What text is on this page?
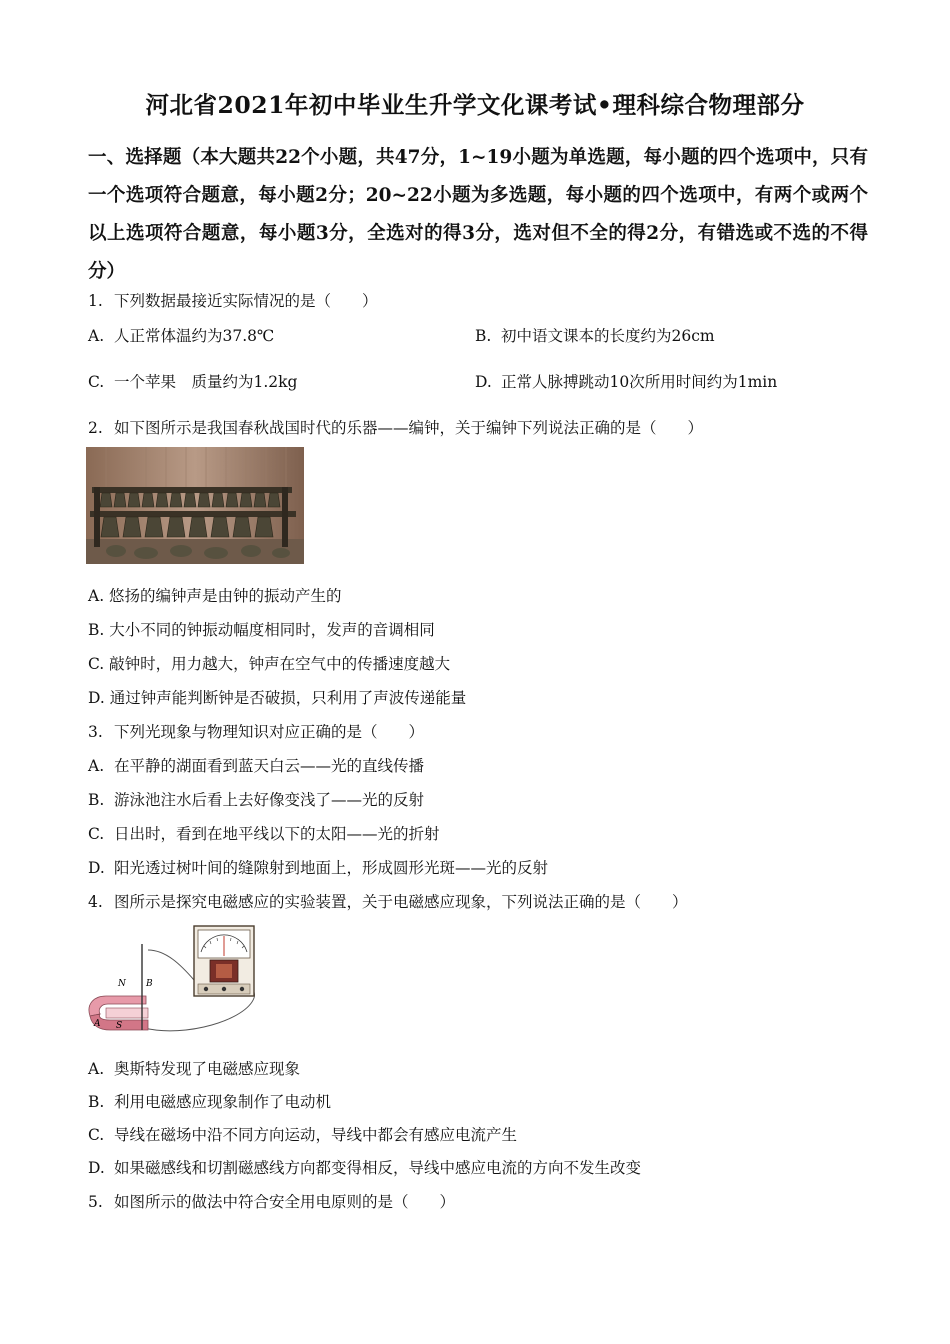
河北省2021年初中毕业生升学文化课考试•理科综合物理部分
一、选择题（本大题共22个小题，共47分，1~19小题为单选题，每小题的四个选项中，只有一个选项符合题意，每小题2分；20~22小题为多选题，每小题的四个选项中，有两个或两个以上选项符合题意，每小题3分，全选对的得3分，选对但不全的得2分，有错选或不选的不得分）
1. 下列数据最接近实际情况的是（　　）
A. 人正常体温约为37.8℃	B. 初中语文课本的长度约为26cm
C. 一个苹果　质量约为1.2kg	D. 正常人脉搏跳动10次所用时间约为1min
2. 如下图所示是我国春秋战国时代的乐器——编钟，关于编钟下列说法正确的是（　　）
A. 悠扬的编钟声是由钟的振动产生的
B. 大小不同的钟振动幅度相同时，发声的音调相同
C. 敲钟时，用力越大，钟声在空气中的传播速度越大
D. 通过钟声能判断钟是否破损，只利用了声波传递能量
3. 下列光现象与物理知识对应正确的是（　　）
A. 在平静的湖面看到蓝天白云——光的直线传播
B. 游泳池注水后看上去好像变浅了——光的反射
C. 日出时，看到在地平线以下的太阳——光的折射
D. 阳光透过树叶间的缝隙射到地面上，形成圆形光斑——光的反射
4. 图所示是探究电磁感应的实验装置，关于电磁感应现象，下列说法正确的是（　　）
N B
A S
A. 奥斯特发现了电磁感应现象
B. 利用电磁感应现象制作了电动机
C. 导线在磁场中沿不同方向运动，导线中都会有感应电流产生
D. 如果磁感线和切割磁感线方向都变得相反，导线中感应电流的方向不发生改变
5. 如图所示的做法中符合安全用电原则的是（　　）
